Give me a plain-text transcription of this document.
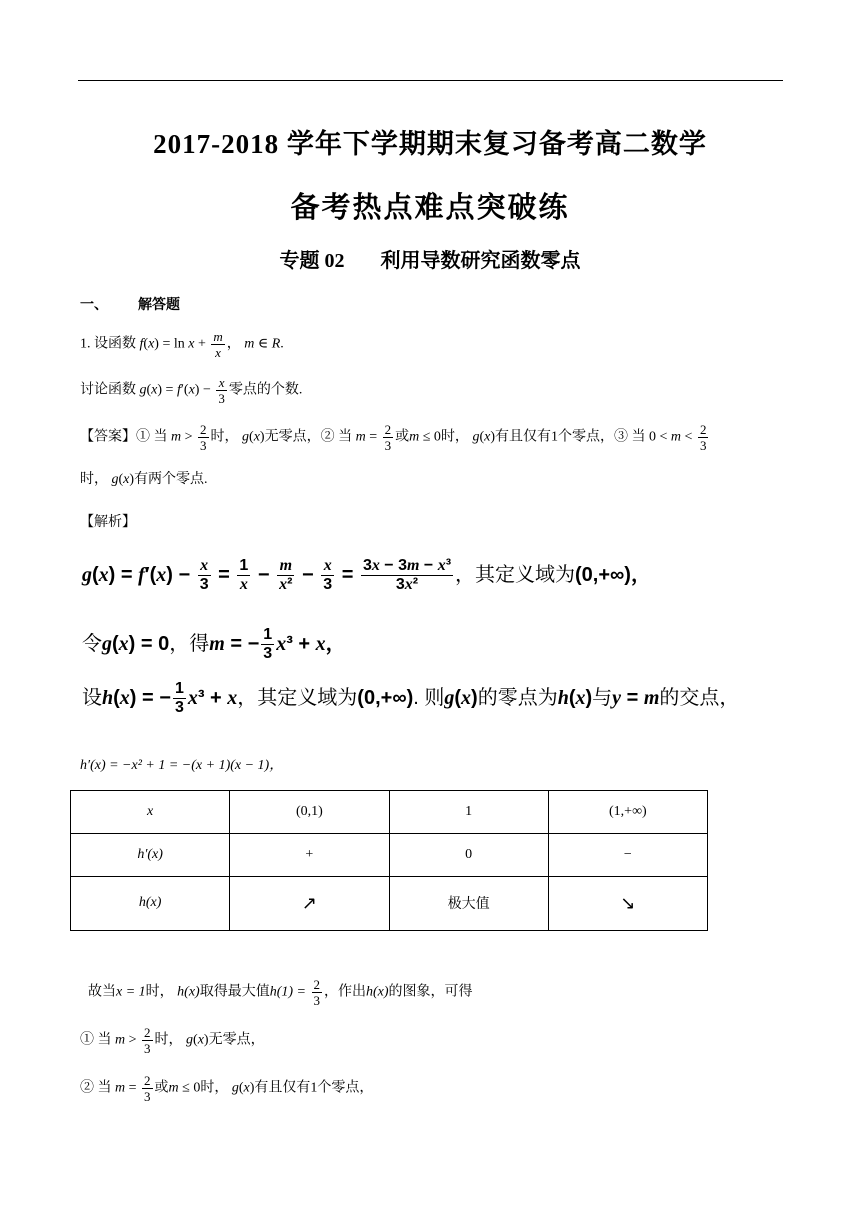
2017-2018 学年下学期期末复习备考高二数学
备考热点难点突破练
专题 02 利用导数研究函数零点
一、 解答题
1. 设函数 $f(x) = \ln x + \frac{m}{x}$ ， m ∈ R.
讨论函数 $g(x) = f'(x) - \frac{x}{3}$ 零点的个数.
【答案】① 当 $m > \frac{2}{3}$ 时， g(x)无零点，② 当 $m = \frac{2}{3}$ 或m ≤ 0时， g(x)有且仅有1个零点，③ 当 $0 < m < \frac{2}{3}$
时， g(x)有两个零点.
【解析】
$g(x) = f'(x) - \frac{x}{3} = \frac{1}{x} - \frac{m}{\text{x²}} - \frac{x}{3} = \frac{\text{3x − 3m − x³}}{\text{3x²}}$ ，其定义域为(0,+∞)，
令g(x) = 0，得m = − $\frac{1}{3} x^3 + x$，
设h(x) = − $\frac{1}{3} x^3 + x$，其定义域为(0,+∞). 则g(x)的零点为h(x)与y = m的交点，
h′(x) = −x² + 1 = −(x + 1)(x − 1)，
x	(0,1)	1	(1,+∞)
h′(x)	+	0	−
h(x)	↗	极大值	↘
故当x = 1时， h(x)取得最大值$h(1) = \frac{2}{3}$ ，作出h(x)的图象，可得
① 当 $m > \frac{2}{3}$ 时， g(x)无零点，
② 当 $m = \frac{2}{3}$ 或m ≤ 0时， g(x)有且仅有1个零点，
